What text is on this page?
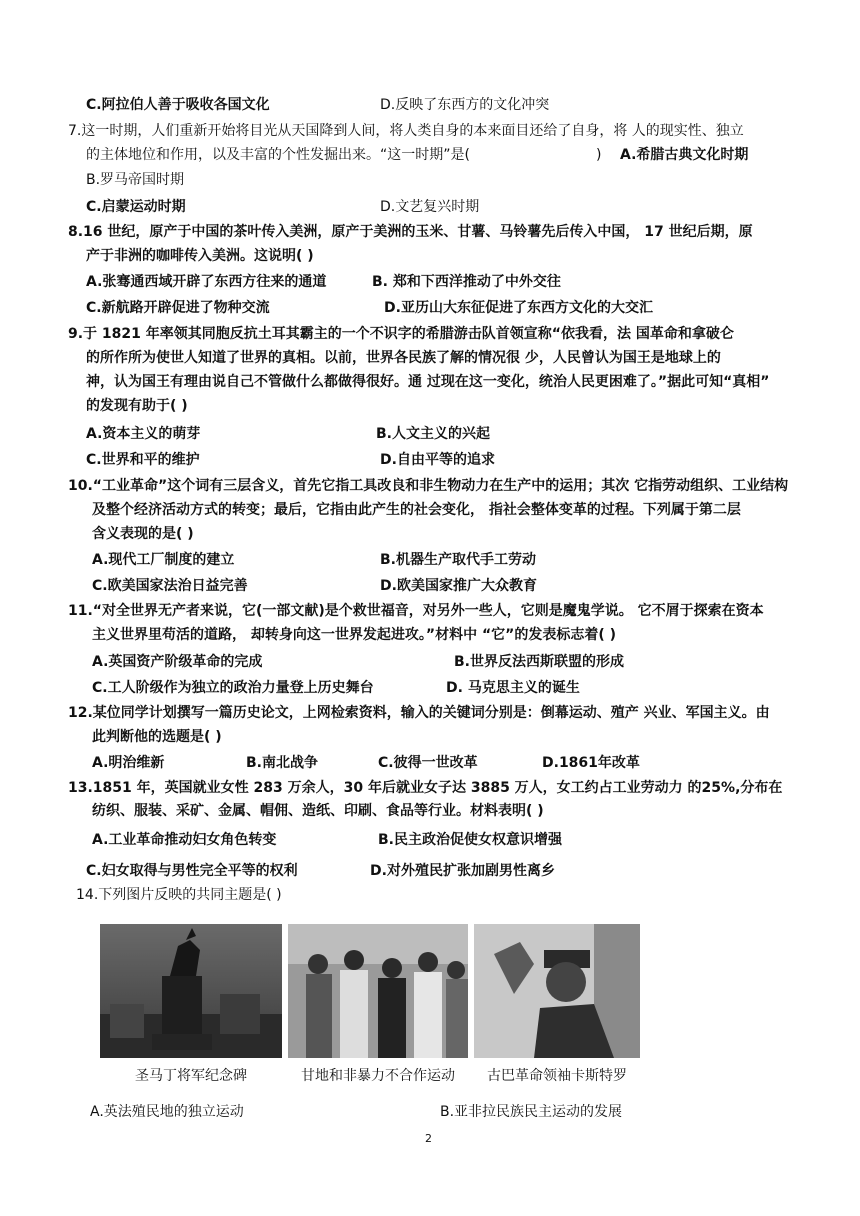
C.阿拉伯人善于吸收各国文化	D.反映了东西方的文化冲突
7.这一时期，人们重新开始将目光从天国降到人间，将人类自身的本来面目还给了自身，将 人的现实性、独立
的主体地位和作用，以及丰富的个性发掘出来。“这一时期”是(	) A.希腊古典文化时期
B.罗马帝国时期
C.启蒙运动时期	D.文艺复兴时期
8.16 世纪，原产于中国的茶叶传入美洲，原产于美洲的玉米、甘薯、马铃薯先后传入中国， 17 世纪后期，原
产于非洲的咖啡传入美洲。这说明( )
A.张骞通西域开辟了东西方往来的通道	B. 郑和下西洋推动了中外交往
C.新航路开辟促进了物种交流	D.亚历山大东征促进了东西方文化的大交汇
9.于 1821 年率领其同胞反抗土耳其霸主的一个不识字的希腊游击队首领宣称“依我看，法 国革命和拿破仑
的所作所为使世人知道了世界的真相。以前，世界各民族了解的情况很 少，人民曾认为国王是地球上的
神，认为国王有理由说自己不管做什么都做得很好。通 过现在这一变化，统治人民更困难了。”据此可知“真相”
的发现有助于( )
A.资本主义的萌芽	B.人文主义的兴起
C.世界和平的维护	D.自由平等的追求
10.“工业革命”这个词有三层含义，首先它指工具改良和非生物动力在生产中的运用；其次 它指劳动组织、工业结构
及整个经济活动方式的转变；最后，它指由此产生的社会变化， 指社会整体变革的过程。下列属于第二层
含义表现的是( )
A.现代工厂制度的建立	B.机器生产取代手工劳动
C.欧美国家法治日益完善	D.欧美国家推广大众教育
11.“对全世界无产者来说，它(一部文献)是个救世福音，对另外一些人，它则是魔鬼学说。 它不屑于探索在资本
主义世界里苟活的道路， 却转身向这一世界发起进攻。”材料中 “它”的发表标志着( )
A.英国资产阶级革命的完成	B.世界反法西斯联盟的形成
C.工人阶级作为独立的政治力量登上历史舞台	D. 马克思主义的诞生
12.某位同学计划撰写一篇历史论文，上网检索资料，输入的关键词分别是：倒幕运动、殖产 兴业、军国主义。由
此判断他的选题是( )
A.明治维新	B.南北战争	C.彼得一世改革	D.1861年改革
13.1851 年，英国就业女性 283 万余人，30 年后就业女子达 3885 万人，女工约占工业劳动力 的25%,分布在
纺织、服装、采矿、金属、帽佣、造纸、印刷、食品等行业。材料表明( )
A.工业革命推动妇女角色转变	B.民主政治促使女权意识增强
C.妇女取得与男性完全平等的权利	D.对外殖民扩张加剧男性离乡
14.下列图片反映的共同主题是( )
圣马丁将军纪念碑	甘地和非暴力不合作运动	古巴革命领袖卡斯特罗
A.英法殖民地的独立运动	B.亚非拉民族民主运动的发展
2
